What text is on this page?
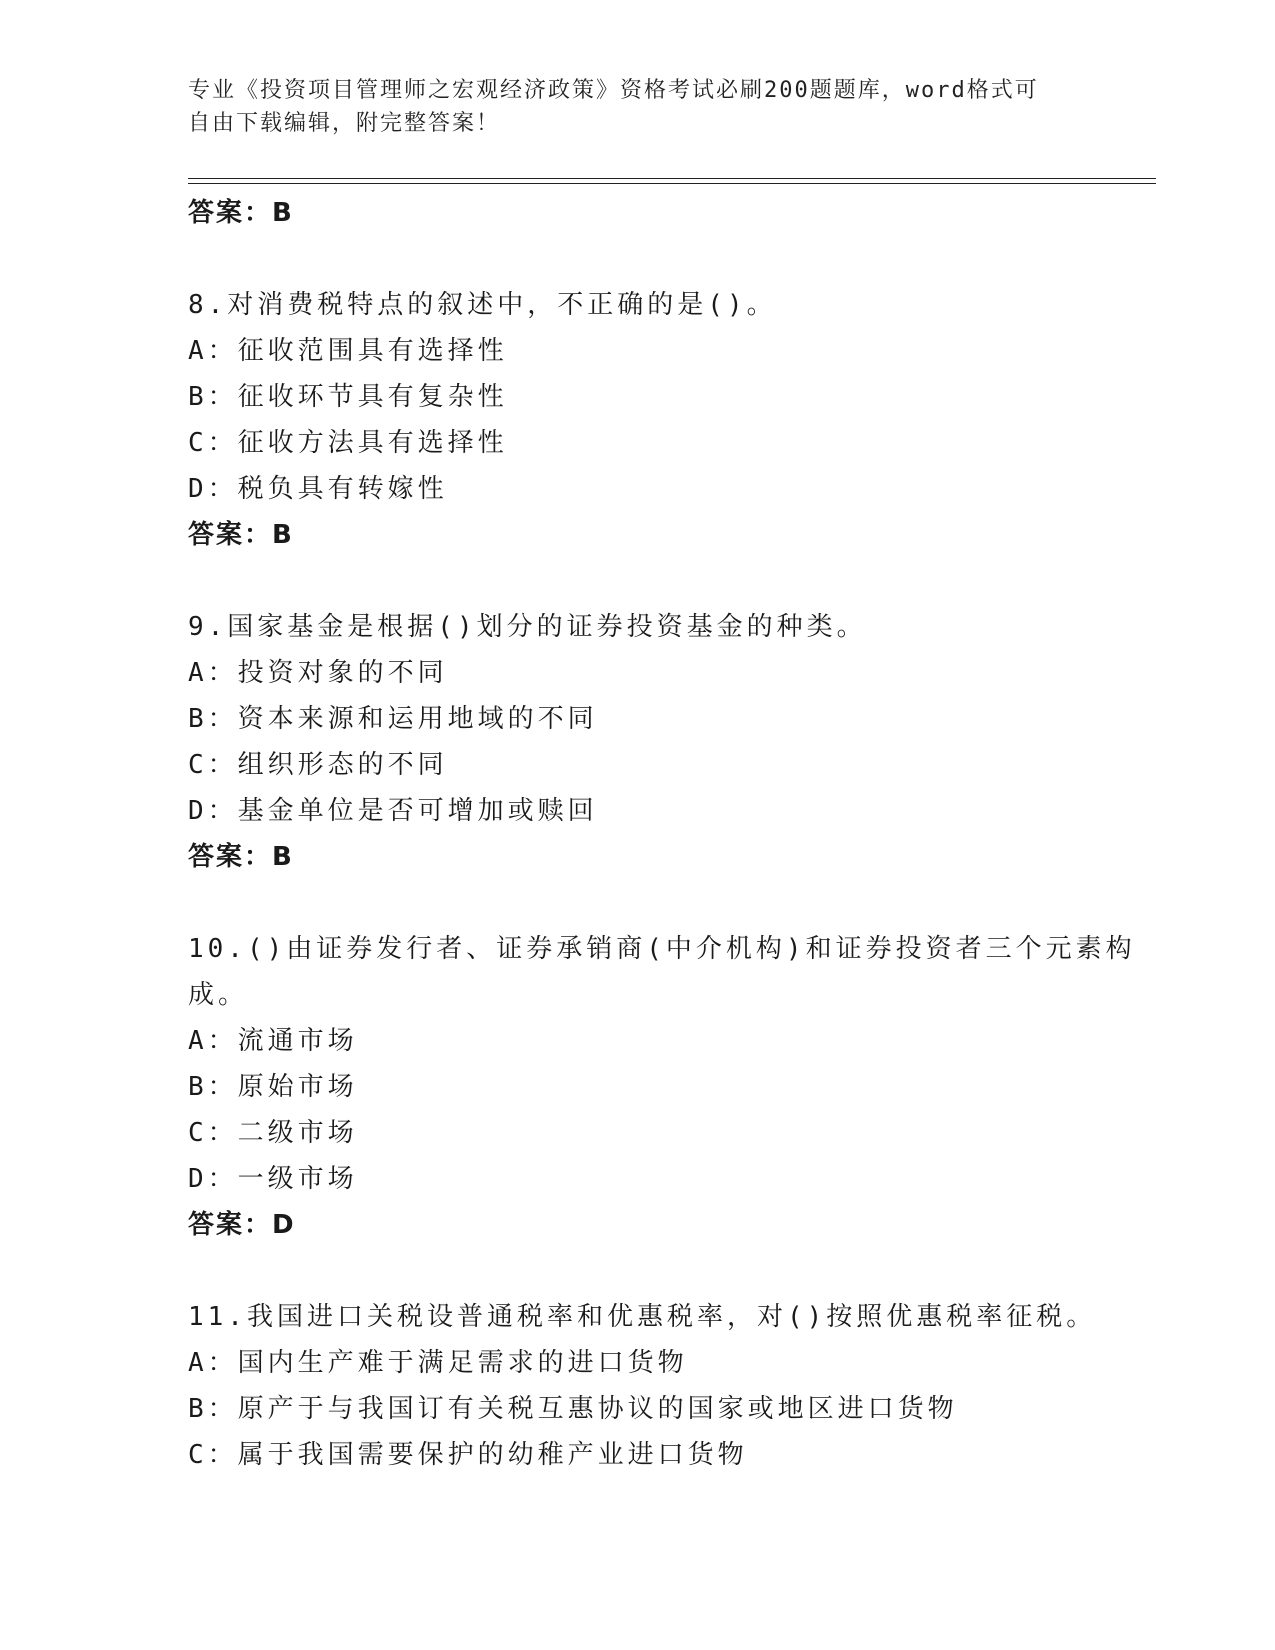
专业《投资项目管理师之宏观经济政策》资格考试必刷200题题库，word格式可
自由下载编辑，附完整答案！
答案：B
8.对消费税特点的叙述中，不正确的是()。
A：征收范围具有选择性
B：征收环节具有复杂性
C：征收方法具有选择性
D：税负具有转嫁性
答案：B
9.国家基金是根据()划分的证券投资基金的种类。
A：投资对象的不同
B：资本来源和运用地域的不同
C：组织形态的不同
D：基金单位是否可增加或赎回
答案：B
10.()由证券发行者、证券承销商(中介机构)和证券投资者三个元素构
成。
A：流通市场
B：原始市场
C：二级市场
D：一级市场
答案：D
11.我国进口关税设普通税率和优惠税率，对()按照优惠税率征税。
A：国内生产难于满足需求的进口货物
B：原产于与我国订有关税互惠协议的国家或地区进口货物
C：属于我国需要保护的幼稚产业进口货物
